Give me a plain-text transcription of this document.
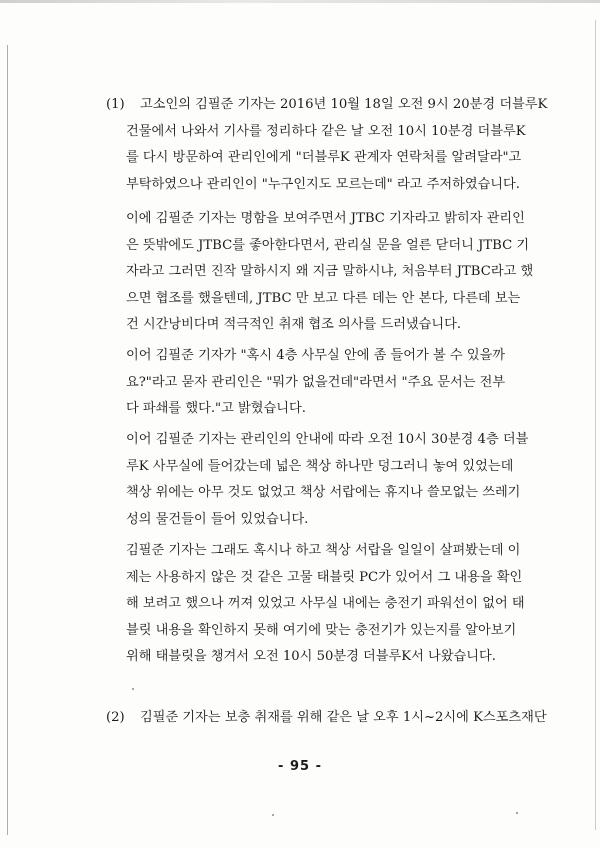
(1) 고소인의 김필준 기자는 2016년 10월 18일 오전 9시 20분경 더블루K
건물에서 나와서 기사를 정리하다 같은 날 오전 10시 10분경 더블루K
를 다시 방문하여 관리인에게 "더블루K 관계자 연락처를 알려달라"고
부탁하였으나 관리인이 "누구인지도 모르는데" 라고 주저하였습니다.
이에 김필준 기자는 명함을 보여주면서 JTBC 기자라고 밝히자 관리인
은 뜻밖에도 JTBC를 좋아한다면서, 관리실 문을 얼른 닫더니 JTBC 기
자라고 그러면 진작 말하시지 왜 지금 말하시냐, 처음부터 JTBC라고 했
으면 협조를 했을텐데, JTBC 만 보고 다른 데는 안 본다, 다른데 보는
건 시간낭비다며 적극적인 취재 협조 의사를 드러냈습니다.
이어 김필준 기자가 "혹시 4층 사무실 안에 좀 들어가 볼 수 있을까
요?"라고 묻자 관리인은 "뭐가 없을건데"라면서 "주요 문서는 전부
다 파쇄를 했다."고 밝혔습니다.
이어 김필준 기자는 관리인의 안내에 따라 오전 10시 30분경 4층 더블
루K 사무실에 들어갔는데 넓은 책상 하나만 덩그러니 놓여 있었는데
책상 위에는 아무 것도 없었고 책상 서랍에는 휴지나 쓸모없는 쓰레기
성의 물건들이 들어 있었습니다.
김필준 기자는 그래도 혹시나 하고 책상 서랍을 일일이 살펴봤는데 이
제는 사용하지 않은 것 같은 고물 태블릿 PC가 있어서 그 내용을 확인
해 보려고 했으나 꺼져 있었고 사무실 내에는 충전기 파워선이 없어 태
블릿 내용을 확인하지 못해 여기에 맞는 충전기가 있는지를 알아보기
위해 태블릿을 챙겨서 오전 10시 50분경 더블루K서 나왔습니다.
(2) 김필준 기자는 보충 취재를 위해 같은 날 오후 1시~2시에 K스포츠재단
- 95 -
